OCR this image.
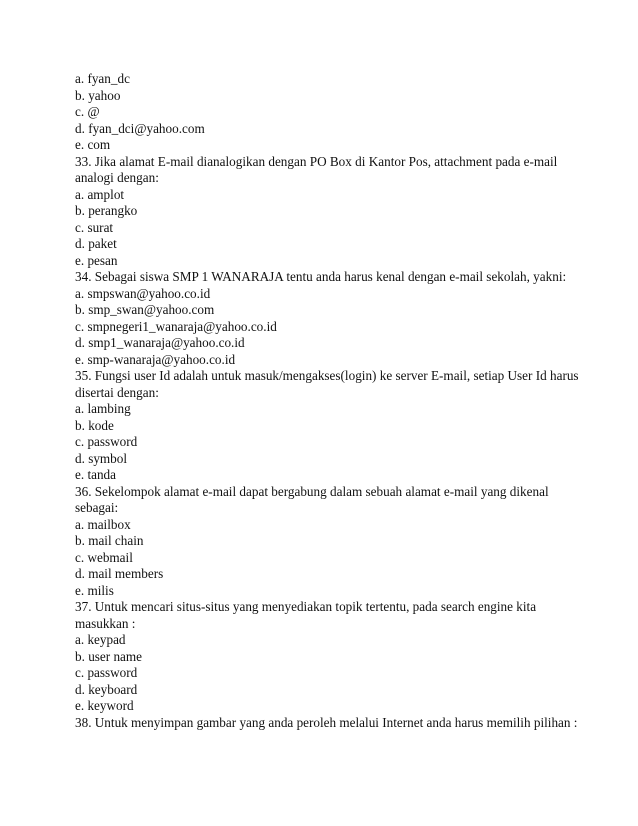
a. fyan_dc
b. yahoo
c. @
d. fyan_dci@yahoo.com
e. com
33. Jika alamat E-mail dianalogikan dengan PO Box di Kantor Pos, attachment pada e-mail
analogi dengan:
a. amplot
b. perangko
c. surat
d. paket
e. pesan
34. Sebagai siswa SMP 1 WANARAJA tentu anda harus kenal dengan e-mail sekolah, yakni:
a. smpswan@yahoo.co.id
b. smp_swan@yahoo.com
c. smpnegeri1_wanaraja@yahoo.co.id
d. smp1_wanaraja@yahoo.co.id
e. smp-wanaraja@yahoo.co.id
35. Fungsi user Id adalah untuk masuk/mengakses(login) ke server E-mail, setiap User Id harus
disertai dengan:
a. lambing
b. kode
c. password
d. symbol
e. tanda
36. Sekelompok alamat e-mail dapat bergabung dalam sebuah alamat e-mail yang dikenal
sebagai:
a. mailbox
b. mail chain
c. webmail
d. mail members
e. milis
37. Untuk mencari situs-situs yang menyediakan topik tertentu, pada search engine kita
masukkan :
a. keypad
b. user name
c. password
d. keyboard
e. keyword
38. Untuk menyimpan gambar yang anda peroleh melalui Internet anda harus memilih pilihan :
